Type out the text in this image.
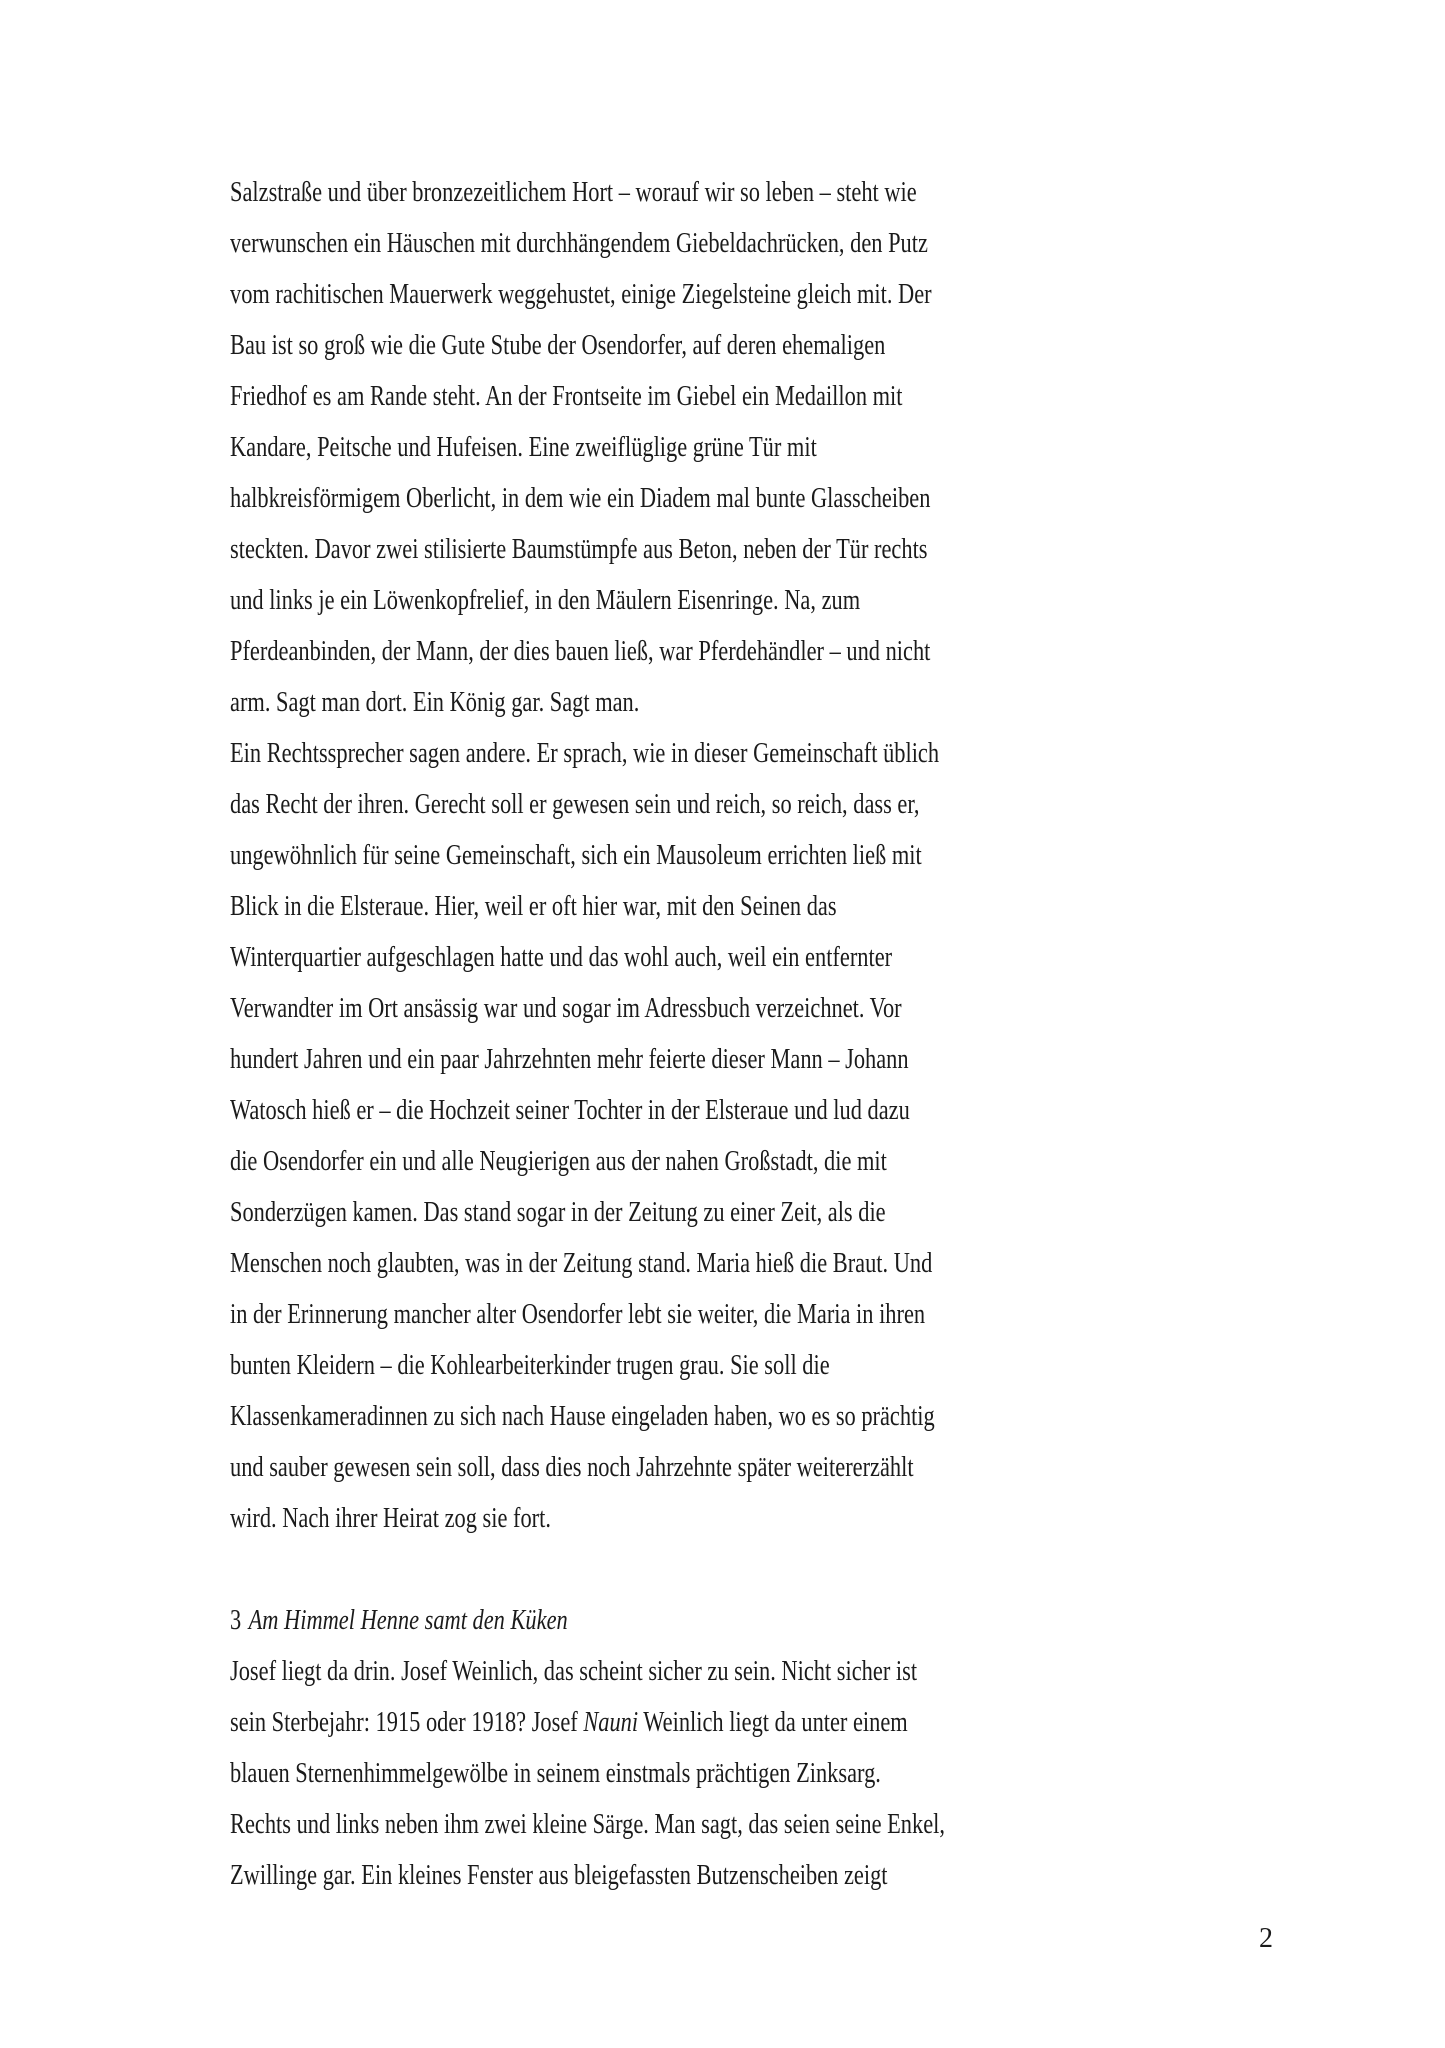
Salzstraße und über bronzezeitlichem Hort – worauf wir so leben – steht wie
verwunschen ein Häuschen mit durchhängendem Giebeldachrücken, den Putz
vom rachitischen Mauerwerk weggehustet, einige Ziegelsteine gleich mit. Der
Bau ist so groß wie die Gute Stube der Osendorfer, auf deren ehemaligen
Friedhof es am Rande steht. An der Frontseite im Giebel ein Medaillon mit
Kandare, Peitsche und Hufeisen. Eine zweiflüglige grüne Tür mit
halbkreisförmigem Oberlicht, in dem wie ein Diadem mal bunte Glasscheiben
steckten. Davor zwei stilisierte Baumstümpfe aus Beton, neben der Tür rechts
und links je ein Löwenkopfrelief, in den Mäulern Eisenringe. Na, zum
Pferdeanbinden, der Mann, der dies bauen ließ, war Pferdehändler – und nicht
arm. Sagt man dort. Ein König gar. Sagt man.
Ein Rechtssprecher sagen andere. Er sprach, wie in dieser Gemeinschaft üblich
das Recht der ihren. Gerecht soll er gewesen sein und reich, so reich, dass er,
ungewöhnlich für seine Gemeinschaft, sich ein Mausoleum errichten ließ mit
Blick in die Elsteraue. Hier, weil er oft hier war, mit den Seinen das
Winterquartier aufgeschlagen hatte und das wohl auch, weil ein entfernter
Verwandter im Ort ansässig war und sogar im Adressbuch verzeichnet. Vor
hundert Jahren und ein paar Jahrzehnten mehr feierte dieser Mann – Johann
Watosch hieß er – die Hochzeit seiner Tochter in der Elsteraue und lud dazu
die Osendorfer ein und alle Neugierigen aus der nahen Großstadt, die mit
Sonderzügen kamen. Das stand sogar in der Zeitung zu einer Zeit, als die
Menschen noch glaubten, was in der Zeitung stand. Maria hieß die Braut. Und
in der Erinnerung mancher alter Osendorfer lebt sie weiter, die Maria in ihren
bunten Kleidern – die Kohlearbeiterkinder trugen grau. Sie soll die
Klassenkameradinnen zu sich nach Hause eingeladen haben, wo es so prächtig
und sauber gewesen sein soll, dass dies noch Jahrzehnte später weitererzählt
wird. Nach ihrer Heirat zog sie fort.
3 Am Himmel Henne samt den Küken
Josef liegt da drin. Josef Weinlich, das scheint sicher zu sein. Nicht sicher ist
sein Sterbejahr: 1915 oder 1918? Josef Nauni Weinlich liegt da unter einem
blauen Sternenhimmelgewölbe in seinem einstmals prächtigen Zinksarg.
Rechts und links neben ihm zwei kleine Särge. Man sagt, das seien seine Enkel,
Zwillinge gar. Ein kleines Fenster aus bleigefassten Butzenscheiben zeigt
2
